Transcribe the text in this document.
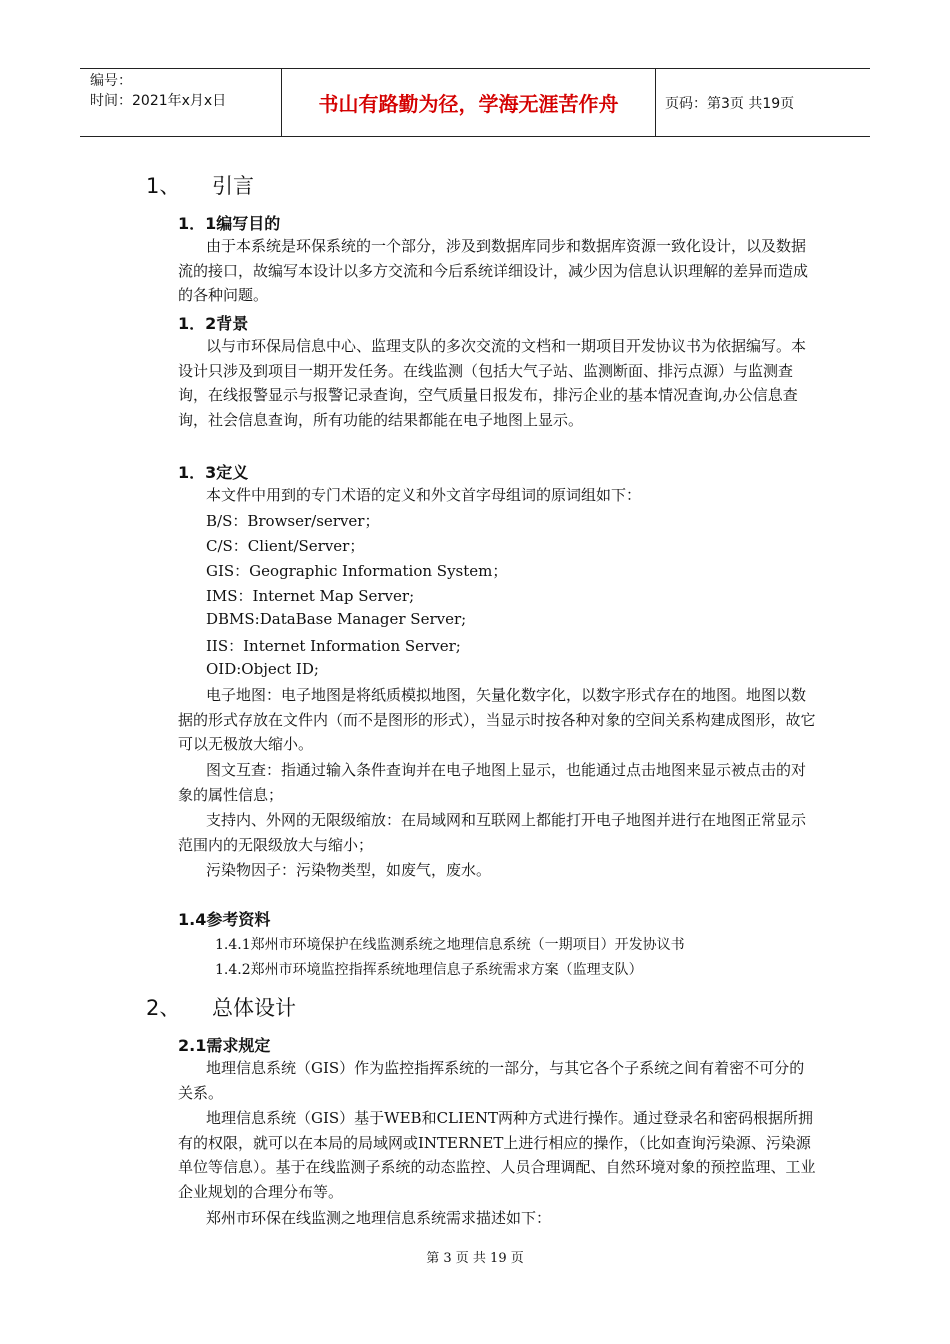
编号：
时间：2021年x月x日	书山有路勤为径，学海无涯苦作舟	页码：第3页 共19页
1、 引言
1．1编写目的
由于本系统是环保系统的一个部分，涉及到数据库同步和数据库资源一致化设计，以及数据流的接口，故编写本设计以多方交流和今后系统详细设计，减少因为信息认识理解的差异而造成的各种问题。
1．2背景
以与市环保局信息中心、监理支队的多次交流的文档和一期项目开发协议书为依据编写。本设计只涉及到项目一期开发任务。在线监测（包括大气子站、监测断面、排污点源）与监测查询，在线报警显示与报警记录查询，空气质量日报发布，排污企业的基本情况查询,办公信息查询，社会信息查询，所有功能的结果都能在电子地图上显示。
1．3定义
本文件中用到的专门术语的定义和外文首字母组词的原词组如下：
B/S：Browser/server；
C/S：Client/Server；
GIS：Geographic Information System；
IMS：Internet Map Server;
DBMS:DataBase Manager Server;
IIS：Internet Information Server;
OID:Object ID;
电子地图：电子地图是将纸质模拟地图，矢量化数字化，以数字形式存在的地图。地图以数据的形式存放在文件内（而不是图形的形式），当显示时按各种对象的空间关系构建成图形，故它可以无极放大缩小。
图文互查：指通过输入条件查询并在电子地图上显示，也能通过点击地图来显示被点击的对象的属性信息；
支持内、外网的无限级缩放：在局域网和互联网上都能打开电子地图并进行在地图正常显示范围内的无限级放大与缩小；
污染物因子：污染物类型，如废气，废水。
1.4参考资料
1.4.1郑州市环境保护在线监测系统之地理信息系统（一期项目）开发协议书
1.4.2郑州市环境监控指挥系统地理信息子系统需求方案（监理支队）
2、 总体设计
2.1需求规定
地理信息系统（GIS）作为监控指挥系统的一部分，与其它各个子系统之间有着密不可分的关系。
地理信息系统（GIS）基于WEB和CLIENT两种方式进行操作。通过登录名和密码根据所拥有的权限，就可以在本局的局域网或INTERNET上进行相应的操作，（比如查询污染源、污染源单位等信息）。基于在线监测子系统的动态监控、人员合理调配、自然环境对象的预控监理、工业企业规划的合理分布等。
郑州市环保在线监测之地理信息系统需求描述如下：
第 3 页 共 19 页
